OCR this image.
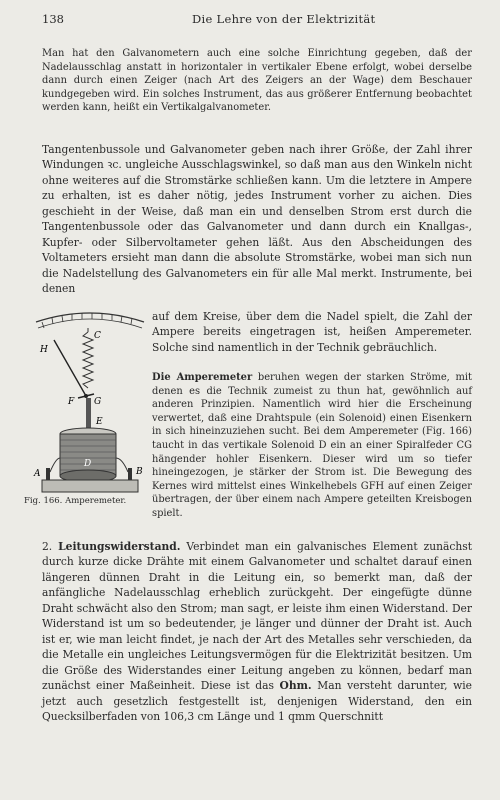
138	Die Lehre von der Elektrizität

Man hat den Galvanometern auch eine solche Einrichtung gegeben, daß der Nadelausschlag anstatt in horizontaler in vertikaler Ebene erfolgt, wobei derselbe dann durch einen Zeiger (nach Art des Zeigers an der Wage) dem Beschauer kundgegeben wird. Ein solches Instrument, das aus größerer Entfernung beobachtet werden kann, heißt ein Vertikalgalvanometer.

Tangentenbussole und Galvanometer geben nach ihrer Größe, der Zahl ihrer Windungen ꝛc. ungleiche Ausschlagswinkel, so daß man aus den Winkeln nicht ohne weiteres auf die Stromstärke schließen kann. Um die letztere in Ampere zu erhalten, ist es daher nötig, jedes Instrument vorher zu aichen. Dies geschieht in der Weise, daß man ein und denselben Strom erst durch die Tangentenbussole oder das Galvanometer und dann durch ein Knallgas-, Kupfer- oder Silbervoltameter gehen läßt. Aus den Abscheidungen des Voltameters ersieht man dann die absolute Stromstärke, wobei man sich nun die Nadelstellung des Galvanometers ein für alle Mal merkt. Instrumente, bei denen

H
C
F G
E
D
A	B
Fig. 166. Amperemeter.

auf dem Kreise, über dem die Nadel spielt, die Zahl der Ampere bereits eingetragen ist, heißen Amperemeter. Solche sind namentlich in der Technik gebräuchlich.

Die Amperemeter beruhen wegen der starken Ströme, mit denen es die Technik zumeist zu thun hat, gewöhnlich auf anderen Prinzipien. Namentlich wird hier die Erscheinung verwertet, daß eine Drahtspule (ein Solenoid) einen Eisenkern in sich hineinzuziehen sucht. Bei dem Amperemeter (Fig. 166) taucht in das vertikale Solenoid D ein an einer Spiralfeder CG hängender hohler Eisenkern. Dieser wird um so tiefer hineingezogen, je stärker der Strom ist. Die Bewegung des Kernes wird mittelst eines Winkelhebels GFH auf einen Zeiger übertragen, der über einem nach Ampere geteilten Kreisbogen spielt.

2. Leitungswiderstand. Verbindet man ein galvanisches Element zunächst durch kurze dicke Drähte mit einem Galvanometer und schaltet darauf einen längeren dünnen Draht in die Leitung ein, so bemerkt man, daß der anfängliche Nadelausschlag erheblich zurückgeht. Der eingefügte dünne Draht schwächt also den Strom; man sagt, er leiste ihm einen Widerstand. Der Widerstand ist um so bedeutender, je länger und dünner der Draht ist. Auch ist er, wie man leicht findet, je nach der Art des Metalles sehr verschieden, da die Metalle ein ungleiches Leitungsvermögen für die Elektrizität besitzen. Um die Größe des Widerstandes einer Leitung angeben zu können, bedarf man zunächst einer Maßeinheit. Diese ist das Ohm. Man versteht darunter, wie jetzt auch gesetzlich festgestellt ist, denjenigen Widerstand, den ein Quecksilberfaden von 106,3 cm Länge und 1 qmm Querschnitt
